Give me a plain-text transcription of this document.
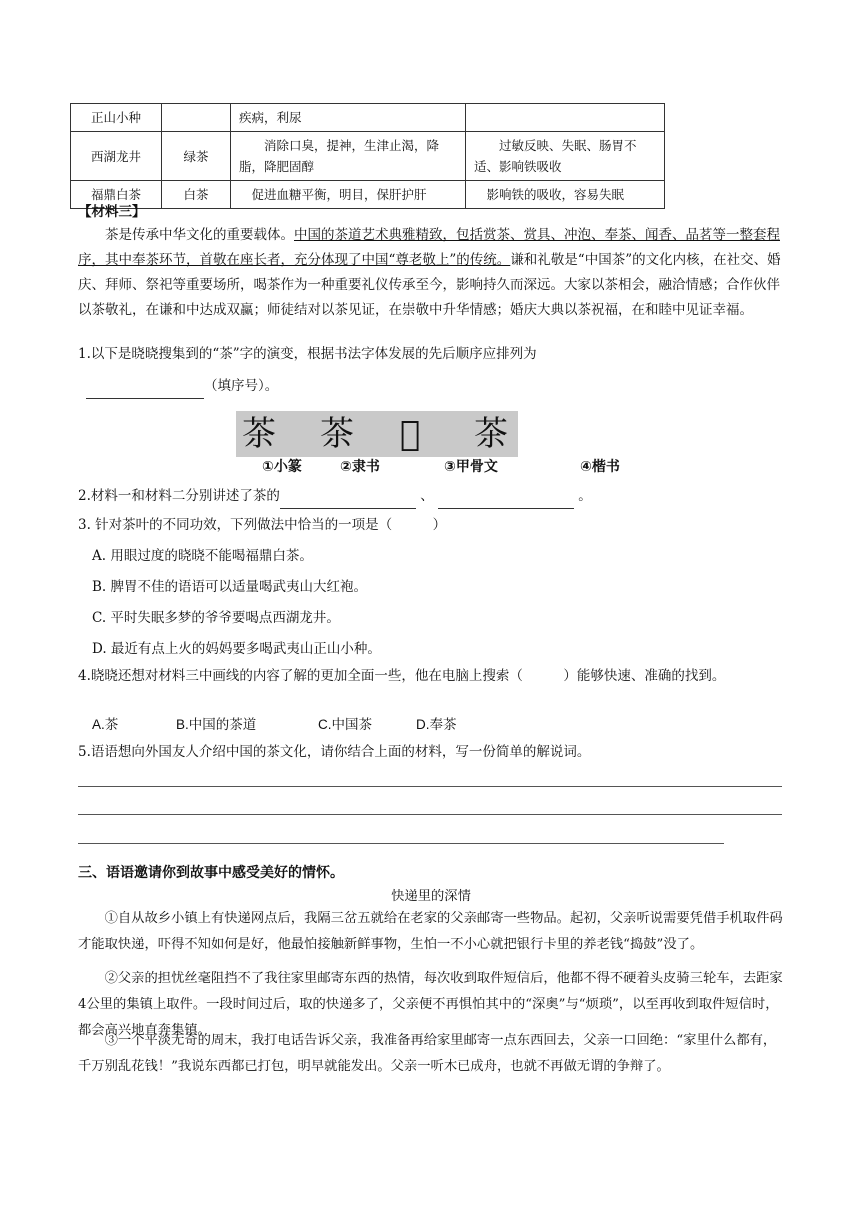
正山小种		疾病，利尿	
西湖龙井	绿茶	　　消除口臭，提神，生津止渴，降脂，降肥固醇	　　过敏反映、失眠、肠胃不适、影响铁吸收
福鼎白茶	白茶	　促进血糖平衡，明目，保肝护肝	　影响铁的吸收，容易失眠
【材料三】
茶是传承中华文化的重要载体。中国的茶道艺术典雅精致，包括赏茶、赏具、冲泡、奉茶、闻香、品茗等一整套程序，其中奉茶环节，首敬在座长者，充分体现了中国“尊老敬上”的传统。谦和礼敬是“中国茶”的文化内核，在社交、婚庆、拜师、祭祀等重要场所，喝茶作为一种重要礼仪传承至今，影响持久而深远。大家以茶相会，融洽情感；合作伙伴以茶敬礼，在谦和中达成双赢；师徒结对以茶见证，在崇敬中升华情感；婚庆大典以茶祝福，在和睦中见证幸福。
1.以下是晓晓搜集到的“茶”字的演变，根据书法字体发展的先后顺序应排列为
（填序号）。
茶 茶 𦬑 茶
①小篆	②隶书	③甲骨文	④楷书
2.材料一和材料二分别讲述了茶的	、	。
3. 针对茶叶的不同功效，下列做法中恰当的一项是（　　　）
A. 用眼过度的晓晓不能喝福鼎白茶。
B. 脾胃不佳的语语可以适量喝武夷山大红袍。
C. 平时失眠多梦的爷爷要喝点西湖龙井。
D. 最近有点上火的妈妈要多喝武夷山正山小种。
4.晓晓还想对材料三中画线的内容了解的更加全面一些，他在电脑上搜索（　　　）能够快速、准确的找到。
A.茶	B.中国的茶道	C.中国茶	D.奉茶
5.语语想向外国友人介绍中国的茶文化，请你结合上面的材料，写一份简单的解说词。
三、语语邀请你到故事中感受美好的情怀。
快递里的深情
①自从故乡小镇上有快递网点后，我隔三岔五就给在老家的父亲邮寄一些物品。起初，父亲听说需要凭借手机取件码才能取快递，吓得不知如何是好，他最怕接触新鲜事物，生怕一不小心就把银行卡里的养老钱“捣鼓”没了。
②父亲的担忧丝毫阻挡不了我往家里邮寄东西的热情，每次收到取件短信后，他都不得不硬着头皮骑三轮车，去距家4公里的集镇上取件。一段时间过后，取的快递多了，父亲便不再惧怕其中的“深奥”与“烦琐”，以至再收到取件短信时，都会高兴地直奔集镇。
③一个平淡无奇的周末，我打电话告诉父亲，我准备再给家里邮寄一点东西回去，父亲一口回绝：“家里什么都有，千万别乱花钱！”我说东西都已打包，明早就能发出。父亲一听木已成舟，也就不再做无谓的争辩了。
